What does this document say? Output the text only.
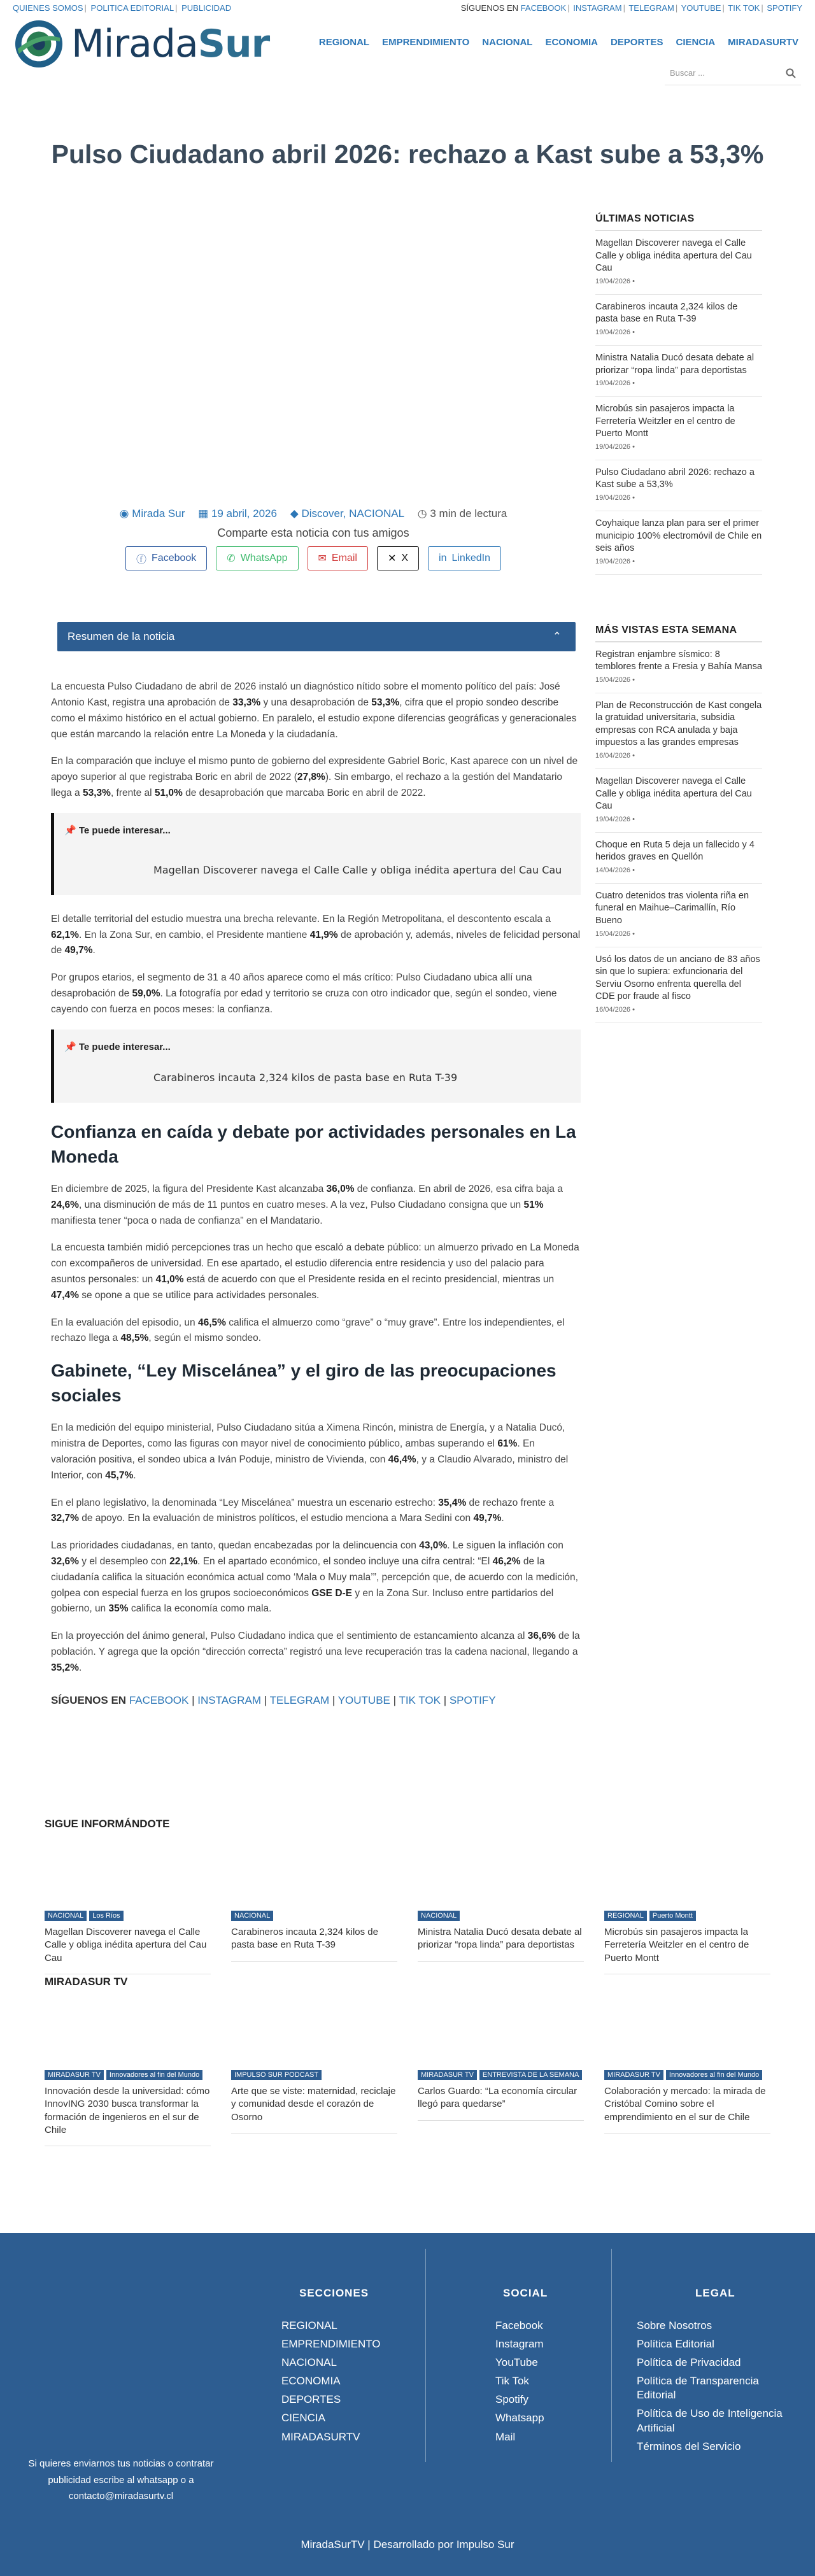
QUIENES SOMOS | POLITICA EDITORIAL | PUBLICIDAD	SÍGUENOS EN FACEBOOK | INSTAGRAM | TELEGRAM | YOUTUBE | TIK TOK | SPOTIFY
MiradaSur	REGIONAL EMPRENDIMIENTO NACIONAL ECONOMIA DEPORTES CIENCIA MIRADASURTV
Buscar ...
Pulso Ciudadano abril 2026: rechazo a Kast sube a 53,3%
◉ Mirada Sur ▦ 19 abril, 2026 ◆ Discover, NACIONAL ◷ 3 min de lectura
Comparte esta noticia con tus amigos
ⓕ Facebook	✆ WhatsApp	✉ Email	✕ X	in LinkedIn
Resumen de la noticia	⌃

La encuesta Pulso Ciudadano de abril de 2026 instaló un diagnóstico nítido sobre el momento político del país: José Antonio Kast, registra una aprobación de 33,3% y una desaprobación de 53,3%, cifra que el propio sondeo describe como el máximo histórico en el actual gobierno. En paralelo, el estudio expone diferencias geográficas y generacionales que están marcando la relación entre La Moneda y la ciudadanía.

En la comparación que incluye el mismo punto de gobierno del expresidente Gabriel Boric, Kast aparece con un nivel de apoyo superior al que registraba Boric en abril de 2022 (27,8%). Sin embargo, el rechazo a la gestión del Mandatario llega a 53,3%, frente al 51,0% de desaprobación que marcaba Boric en abril de 2022.

📌 Te puede interesar...
Magellan Discoverer navega el Calle Calle y obliga inédita apertura del Cau Cau

El detalle territorial del estudio muestra una brecha relevante. En la Región Metropolitana, el descontento escala a 62,1%. En la Zona Sur, en cambio, el Presidente mantiene 41,9% de aprobación y, además, niveles de felicidad personal de 49,7%.

Por grupos etarios, el segmento de 31 a 40 años aparece como el más crítico: Pulso Ciudadano ubica allí una desaprobación de 59,0%. La fotografía por edad y territorio se cruza con otro indicador que, según el sondeo, viene cayendo con fuerza en pocos meses: la confianza.

📌 Te puede interesar...
Carabineros incauta 2,324 kilos de pasta base en Ruta T-39
Confianza en caída y debate por actividades personales en La Moneda

En diciembre de 2025, la figura del Presidente Kast alcanzaba 36,0% de confianza. En abril de 2026, esa cifra baja a 24,6%, una disminución de más de 11 puntos en cuatro meses. A la vez, Pulso Ciudadano consigna que un 51% manifiesta tener “poca o nada de confianza” en el Mandatario.

La encuesta también midió percepciones tras un hecho que escaló a debate público: un almuerzo privado en La Moneda con excompañeros de universidad. En ese apartado, el estudio diferencia entre residencia y uso del palacio para asuntos personales: un 41,0% está de acuerdo con que el Presidente resida en el recinto presidencial, mientras un 47,4% se opone a que se utilice para actividades personales.

En la evaluación del episodio, un 46,5% califica el almuerzo como “grave” o “muy grave”. Entre los independientes, el rechazo llega a 48,5%, según el mismo sondeo.

Gabinete, “Ley Miscelánea” y el giro de las preocupaciones sociales

En la medición del equipo ministerial, Pulso Ciudadano sitúa a Ximena Rincón, ministra de Energía, y a Natalia Ducó, ministra de Deportes, como las figuras con mayor nivel de conocimiento público, ambas superando el 61%. En valoración positiva, el sondeo ubica a Iván Poduje, ministro de Vivienda, con 46,4%, y a Claudio Alvarado, ministro del Interior, con 45,7%.

En el plano legislativo, la denominada “Ley Miscelánea” muestra un escenario estrecho: 35,4% de rechazo frente a 32,7% de apoyo. En la evaluación de ministros políticos, el estudio menciona a Mara Sedini con 49,7%.

Las prioridades ciudadanas, en tanto, quedan encabezadas por la delincuencia con 43,0%. Le siguen la inflación con 32,6% y el desempleo con 22,1%. En el apartado económico, el sondeo incluye una cifra central: “El 46,2% de la ciudadanía califica la situación económica actual como ‘Mala o Muy mala’”, percepción que, de acuerdo con la medición, golpea con especial fuerza en los grupos socioeconómicos GSE D-E y en la Zona Sur. Incluso entre partidarios del gobierno, un 35% califica la economía como mala.

En la proyección del ánimo general, Pulso Ciudadano indica que el sentimiento de estancamiento alcanza al 36,6% de la población. Y agrega que la opción “dirección correcta” registró una leve recuperación tras la cadena nacional, llegando a 35,2%.

SÍGUENOS EN FACEBOOK | INSTAGRAM | TELEGRAM | YOUTUBE | TIK TOK | SPOTIFY
ÚLTIMAS NOTICIAS
Magellan Discoverer navega el Calle Calle y obliga inédita apertura del Cau Cau
19/04/2026 •
Carabineros incauta 2,324 kilos de pasta base en Ruta T-39
19/04/2026 •
Ministra Natalia Ducó desata debate al priorizar “ropa linda” para deportistas
19/04/2026 •
Microbús sin pasajeros impacta la Ferretería Weitzler en el centro de Puerto Montt
19/04/2026 •
Pulso Ciudadano abril 2026: rechazo a Kast sube a 53,3%
19/04/2026 •
Coyhaique lanza plan para ser el primer municipio 100% electromóvil de Chile en seis años
19/04/2026 •
MÁS VISTAS ESTA SEMANA
Registran enjambre sísmico: 8 temblores frente a Fresia y Bahía Mansa
15/04/2026 •
Plan de Reconstrucción de Kast congela la gratuidad universitaria, subsidia empresas con RCA anulada y baja impuestos a las grandes empresas
16/04/2026 •
Magellan Discoverer navega el Calle Calle y obliga inédita apertura del Cau Cau
19/04/2026 •
Choque en Ruta 5 deja un fallecido y 4 heridos graves en Quellón
14/04/2026 •
Cuatro detenidos tras violenta riña en funeral en Maihue–Carimallín, Río Bueno
15/04/2026 •
Usó los datos de un anciano de 83 años sin que lo supiera: exfuncionaria del Serviu Osorno enfrenta querella del CDE por fraude al fisco
16/04/2026 •
SIGUE INFORMÁNDOTE
NACIONAL	Los Ríos
Magellan Discoverer navega el Calle Calle y obliga inédita apertura del Cau Cau
NACIONAL
Carabineros incauta 2,324 kilos de pasta base en Ruta T-39
NACIONAL
Ministra Natalia Ducó desata debate al priorizar “ropa linda” para deportistas
REGIONAL	Puerto Montt
Microbús sin pasajeros impacta la Ferretería Weitzler en el centro de Puerto Montt
MIRADASUR TV
MIRADASUR TV	Innovadores al fin del Mundo
Innovación desde la universidad: cómo InnovING 2030 busca transformar la formación de ingenieros en el sur de Chile
IMPULSO SUR PODCAST
Arte que se viste: maternidad, reciclaje y comunidad desde el corazón de Osorno
MIRADASUR TV	ENTREVISTA DE LA SEMANA
Carlos Guardo: “La economía circular llegó para quedarse”
MIRADASUR TV	Innovadores al fin del Mundo
Colaboración y mercado: la mirada de Cristóbal Comino sobre el emprendimiento en el sur de Chile
SECCIONES
REGIONAL
EMPRENDIMIENTO
NACIONAL
ECONOMIA
DEPORTES
CIENCIA
MIRADASURTV
SOCIAL
Facebook
Instagram
YouTube
Tik Tok
Spotify
Whatsapp
Mail
LEGAL
Sobre Nosotros
Política Editorial
Política de Privacidad
Política de Transparencia Editorial
Política de Uso de Inteligencia Artificial
Términos del Servicio
Si quieres enviarnos tus noticias o contratar
publicidad escribe al whatsapp o a
contacto@miradasurtv.cl
MiradaSurTV | Desarrollado por Impulso Sur
